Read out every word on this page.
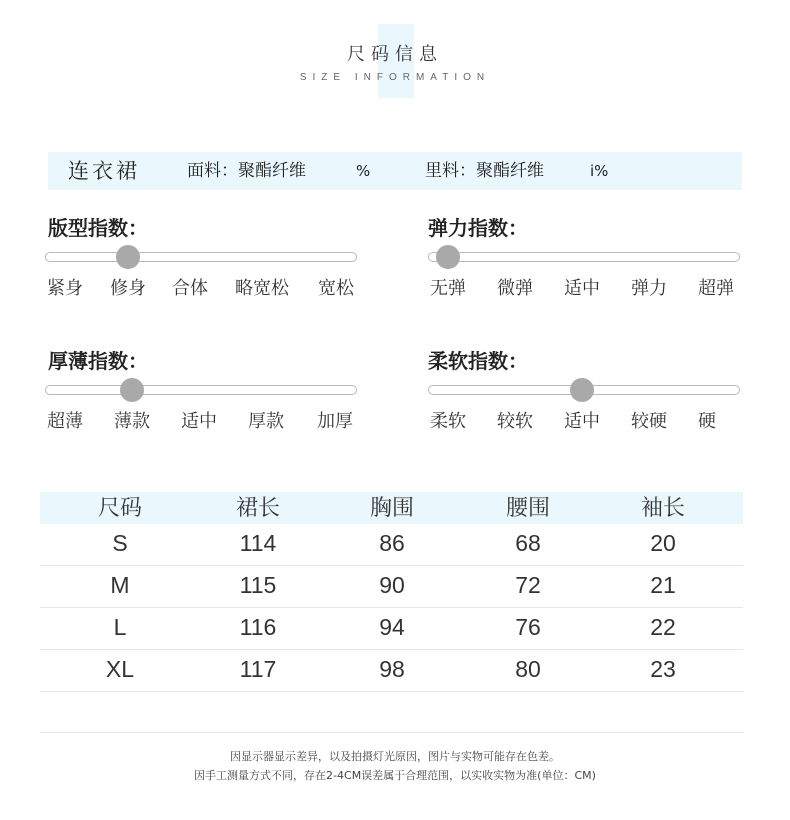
尺码信息
SIZE INFORMATION
连衣裙	面料：聚酯纤维	%	里料：聚酯纤维	i%
版型指数：
紧身 修身 合体 略宽松 宽松
弹力指数：
无弹 微弹 适中 弹力 超弹
厚薄指数：
超薄 薄款 适中 厚款 加厚
柔软指数：
柔软 较软 适中 较硬 硬
尺码	裙长	胸围	腰围	袖长
S	114	86	68	20
M	115	90	72	21
L	116	94	76	22
XL	117	98	80	23
因显示器显示差异，以及拍摄灯光原因，图片与实物可能存在色差。
因手工测量方式不同，存在2-4CM误差属于合理范围，以实收实物为准(单位：CM)
